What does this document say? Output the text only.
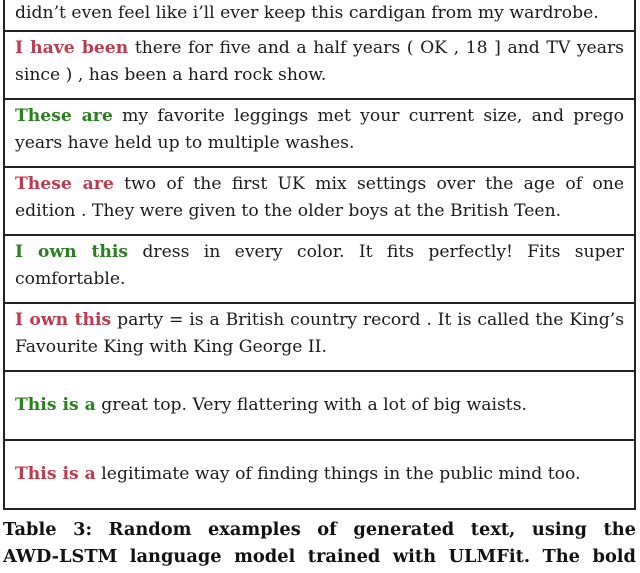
didn’t even feel like i’ll ever keep this cardigan from my wardrobe.
I have been there for five and a half years ( OK , 18 ] and TV years since ) , has been a hard rock show.
These are my favorite leggings met your current size, and prego years have held up to multiple washes.
These are two of the first UK mix settings over the age of one edition . They were given to the older boys at the British Teen.
I own this dress in every color. It fits perfectly! Fits super comfortable.
I own this party = is a British country record . It is called the King’s Favourite King with King George II.
This is a great top. Very flattering with a lot of big waists.
This is a legitimate way of finding things in the public mind too.
Table 3: Random examples of generated text, using the
AWD-LSTM language model trained with ULMFit. The bold
